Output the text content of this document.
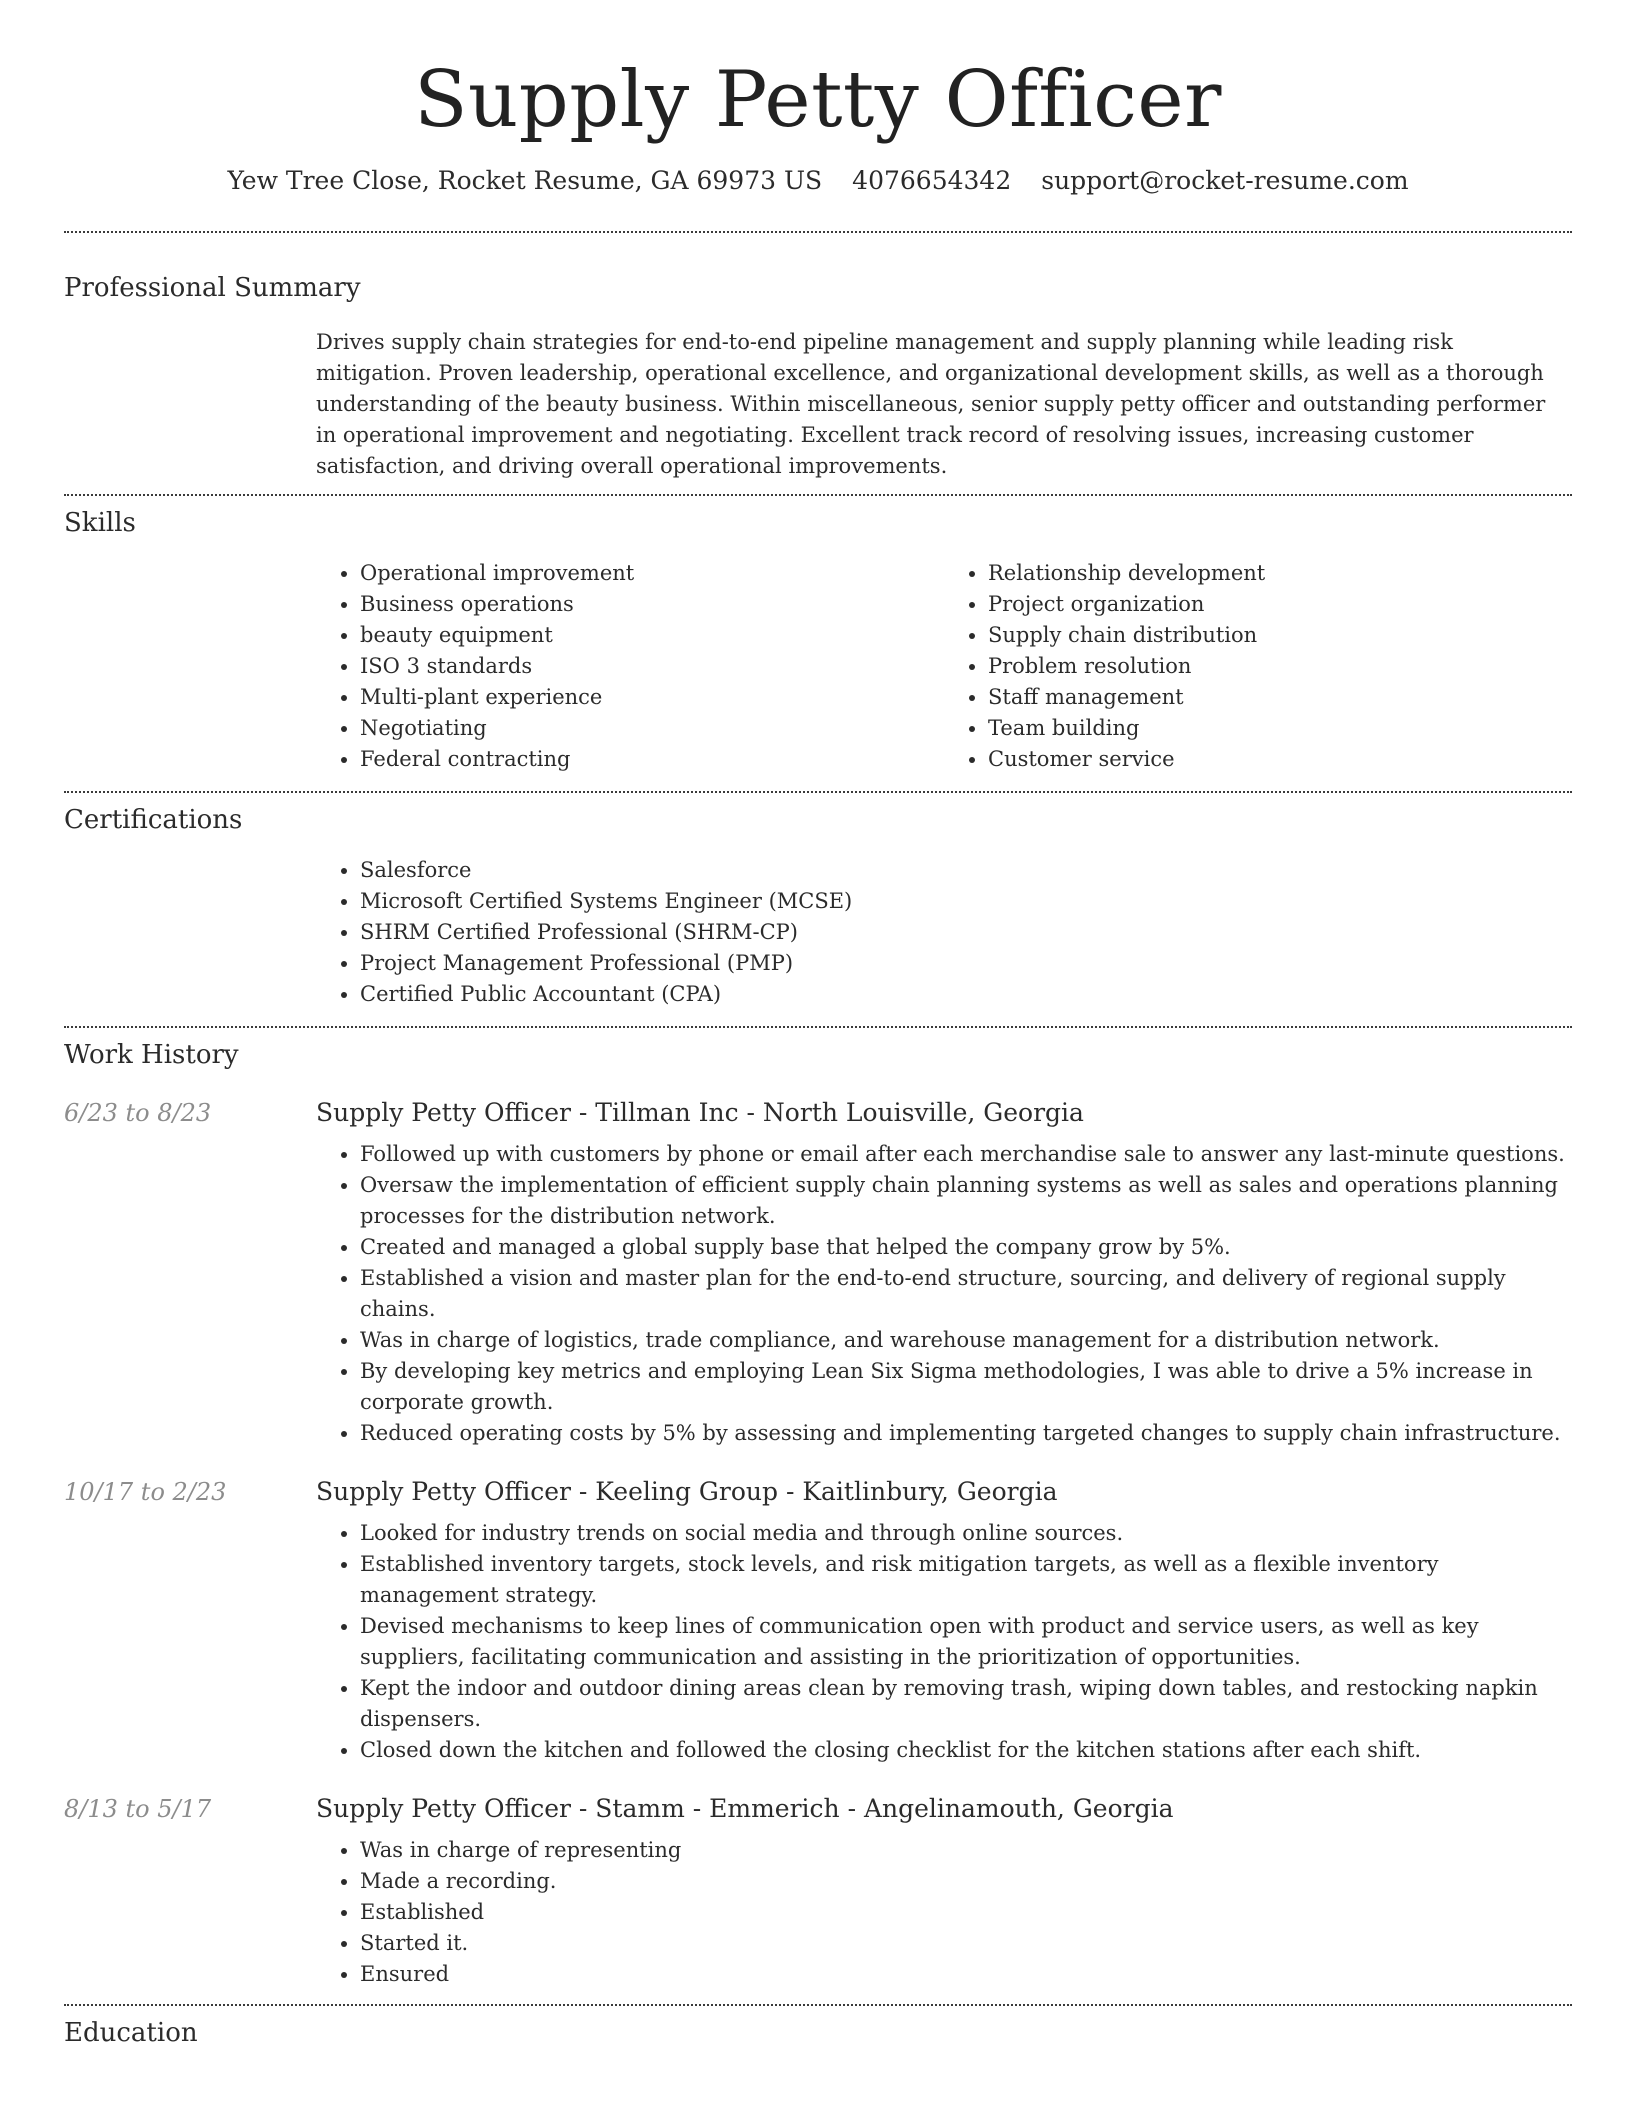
Supply Petty Officer
Yew Tree Close, Rocket Resume, GA 69973 US 4076654342 support@rocket-resume.com
Professional Summary

Drives supply chain strategies for end-to-end pipeline management and supply planning while leading risk mitigation. Proven leadership, operational excellence, and organizational development skills, as well as a thorough understanding of the beauty business. Within miscellaneous, senior supply petty officer and outstanding performer in operational improvement and negotiating. Excellent track record of resolving issues, increasing customer satisfaction, and driving overall operational improvements.

Skills
• Operational improvement
• Business operations
• beauty equipment
• ISO 3 standards
• Multi-plant experience
• Negotiating
• Federal contracting
• Relationship development
• Project organization
• Supply chain distribution
• Problem resolution
• Staff management
• Team building
• Customer service
Certifications
• Salesforce
• Microsoft Certified Systems Engineer (MCSE)
• SHRM Certified Professional (SHRM-CP)
• Project Management Professional (PMP)
• Certified Public Accountant (CPA)
Work History
6/23 to 8/23	Supply Petty Officer - Tillman Inc - North Louisville, Georgia
• Followed up with customers by phone or email after each merchandise sale to answer any last-minute questions.
• Oversaw the implementation of efficient supply chain planning systems as well as sales and operations planning processes for the distribution network.
• Created and managed a global supply base that helped the company grow by 5%.
• Established a vision and master plan for the end-to-end structure, sourcing, and delivery of regional supply chains.
• Was in charge of logistics, trade compliance, and warehouse management for a distribution network.
• By developing key metrics and employing Lean Six Sigma methodologies, I was able to drive a 5% increase in corporate growth.
• Reduced operating costs by 5% by assessing and implementing targeted changes to supply chain infrastructure.
10/17 to 2/23	Supply Petty Officer - Keeling Group - Kaitlinbury, Georgia
• Looked for industry trends on social media and through online sources.
• Established inventory targets, stock levels, and risk mitigation targets, as well as a flexible inventory management strategy.
• Devised mechanisms to keep lines of communication open with product and service users, as well as key suppliers, facilitating communication and assisting in the prioritization of opportunities.
• Kept the indoor and outdoor dining areas clean by removing trash, wiping down tables, and restocking napkin dispensers.
• Closed down the kitchen and followed the closing checklist for the kitchen stations after each shift.
8/13 to 5/17	Supply Petty Officer - Stamm - Emmerich - Angelinamouth, Georgia
• Was in charge of representing
• Made a recording.
• Established
• Started it.
• Ensured
Education
